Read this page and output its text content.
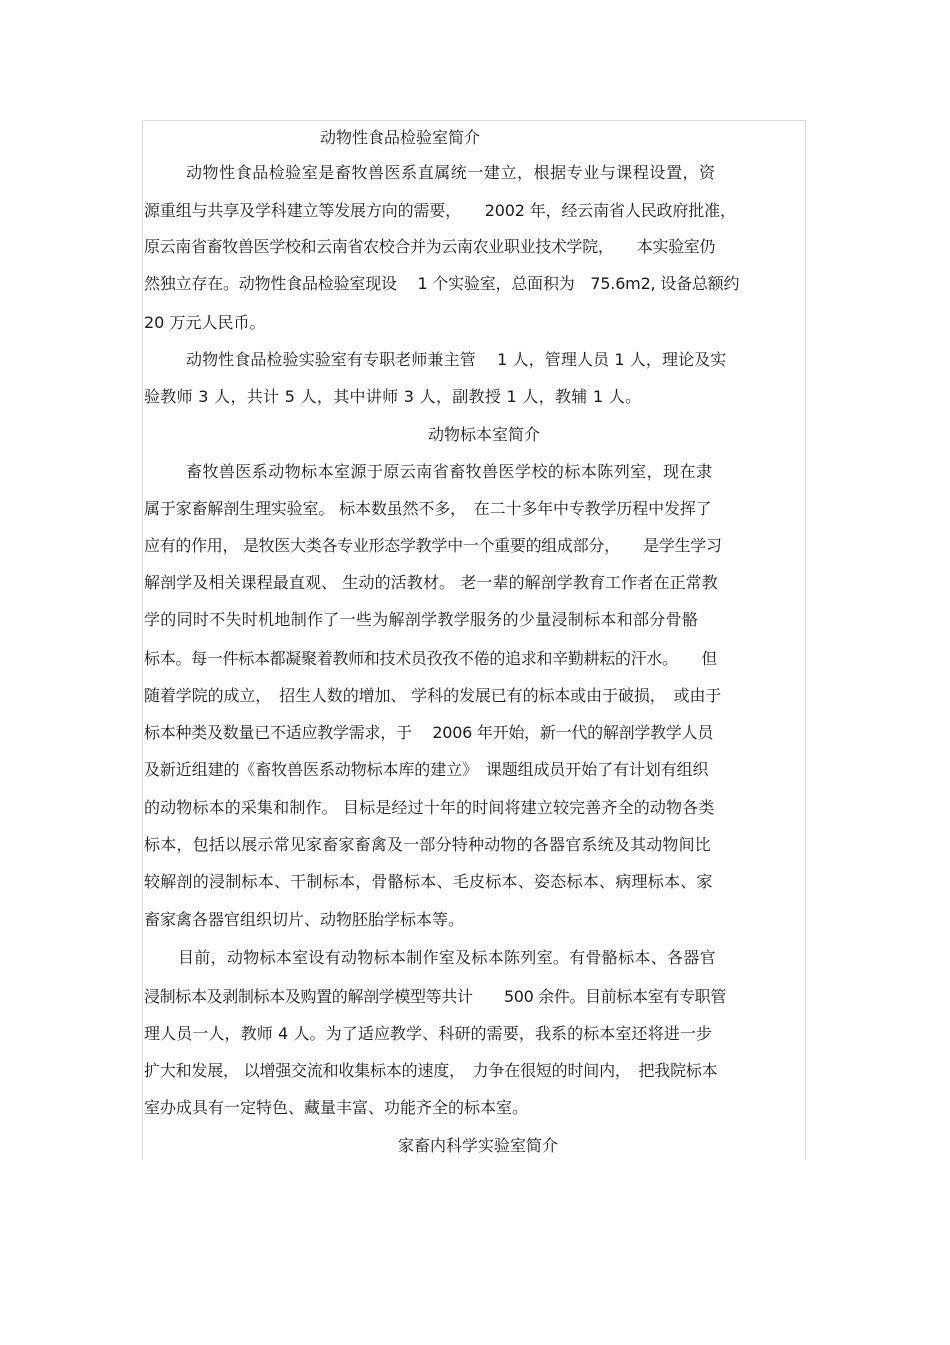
动物性食品检验室简介
动物性食品检验室是畜牧兽医系直属统一建立，根据专业与课程设置，资
源重组与共享及学科建立等发展方向的需要，　　2002 年，经云南省人民政府批准，
原云南省畜牧兽医学校和云南省农校合并为云南农业职业技术学院，　　本实验室仍
然独立存在。动物性食品检验室现设　 1 个实验室，总面积为　75.6m2, 设备总额约
20 万元人民币。
动物性食品检验实验室有专职老师兼主管　 1 人，管理人员 1 人，理论及实
验教师 3 人，共计 5 人，其中讲师 3 人，副教授 1 人，教辅 1 人。
动物标本室简介
畜牧兽医系动物标本室源于原云南省畜牧兽医学校的标本陈列室，现在隶
属于家畜解剖生理实验室。 标本数虽然不多，　在二十多年中专教学历程中发挥了
应有的作用， 是牧医大类各专业形态学教学中一个重要的组成部分，　　是学生学习
解剖学及相关课程最直观、 生动的活教材。 老一辈的解剖学教育工作者在正常教
学的同时不失时机地制作了一些为解剖学教学服务的少量浸制标本和部分骨骼
标本。每一件标本都凝聚着教师和技术员孜孜不倦的追求和辛勤耕耘的汗水。　　但
随着学院的成立，　招生人数的增加、 学科的发展已有的标本或由于破损，　或由于
标本种类及数量已不适应教学需求，于　 2006 年开始，新一代的解剖学教学人员
及新近组建的《畜牧兽医系动物标本库的建立》　课题组成员开始了有计划有组织
的动物标本的采集和制作。 目标是经过十年的时间将建立较完善齐全的动物各类
标本，包括以展示常见家畜家畜禽及一部分特种动物的各器官系统及其动物间比
较解剖的浸制标本、干制标本，骨骼标本、毛皮标本、姿态标本、病理标本、家
畜家禽各器官组织切片、动物胚胎学标本等。
目前，动物标本室设有动物标本制作室及标本陈列室。有骨骼标本、各器官
浸制标本及剥制标本及购置的解剖学模型等共计　　500 余件。目前标本室有专职管
理人员一人，教师 4 人。为了适应教学、科研的需要，我系的标本室还将进一步
扩大和发展， 以增强交流和收集标本的速度，　力争在很短的时间内，　把我院标本
室办成具有一定特色、藏量丰富、功能齐全的标本室。
家畜内科学实验室简介
